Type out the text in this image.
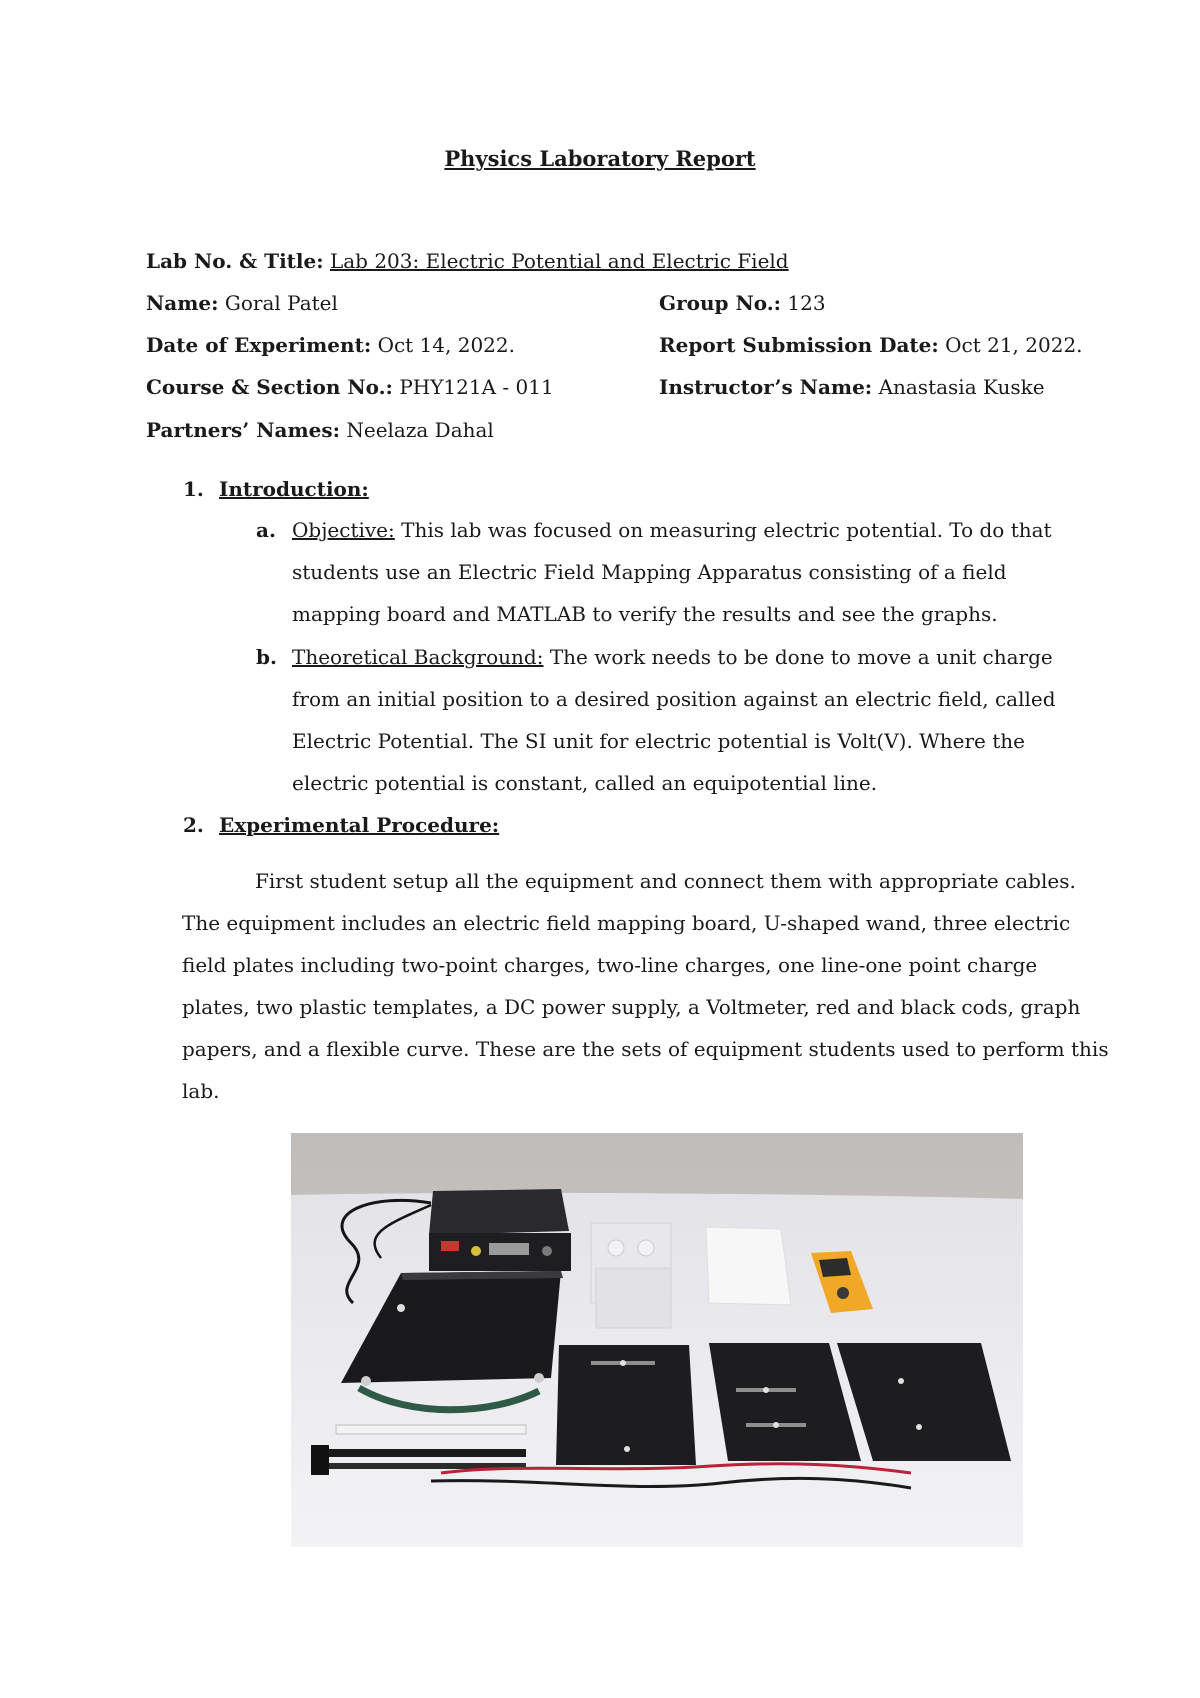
Physics Laboratory Report
Lab No. & Title: Lab 203: Electric Potential and Electric Field
Name: Goral Patel	Group No.: 123
Date of Experiment: Oct 14, 2022.	Report Submission Date: Oct 21, 2022.
Course & Section No.: PHY121A - 011	Instructor’s Name: Anastasia Kuske
Partners’ Names: Neelaza Dahal
1. Introduction:
a. Objective: This lab was focused on measuring electric potential. To do that
students use an Electric Field Mapping Apparatus consisting of a field
mapping board and MATLAB to verify the results and see the graphs.
b. Theoretical Background: The work needs to be done to move a unit charge
from an initial position to a desired position against an electric field, called
Electric Potential. The SI unit for electric potential is Volt(V). Where the
electric potential is constant, called an equipotential line.
2. Experimental Procedure:
First student setup all the equipment and connect them with appropriate cables.
The equipment includes an electric field mapping board, U-shaped wand, three electric
field plates including two-point charges, two-line charges, one line-one point charge
plates, two plastic templates, a DC power supply, a Voltmeter, red and black cods, graph
papers, and a flexible curve. These are the sets of equipment students used to perform this
lab.
